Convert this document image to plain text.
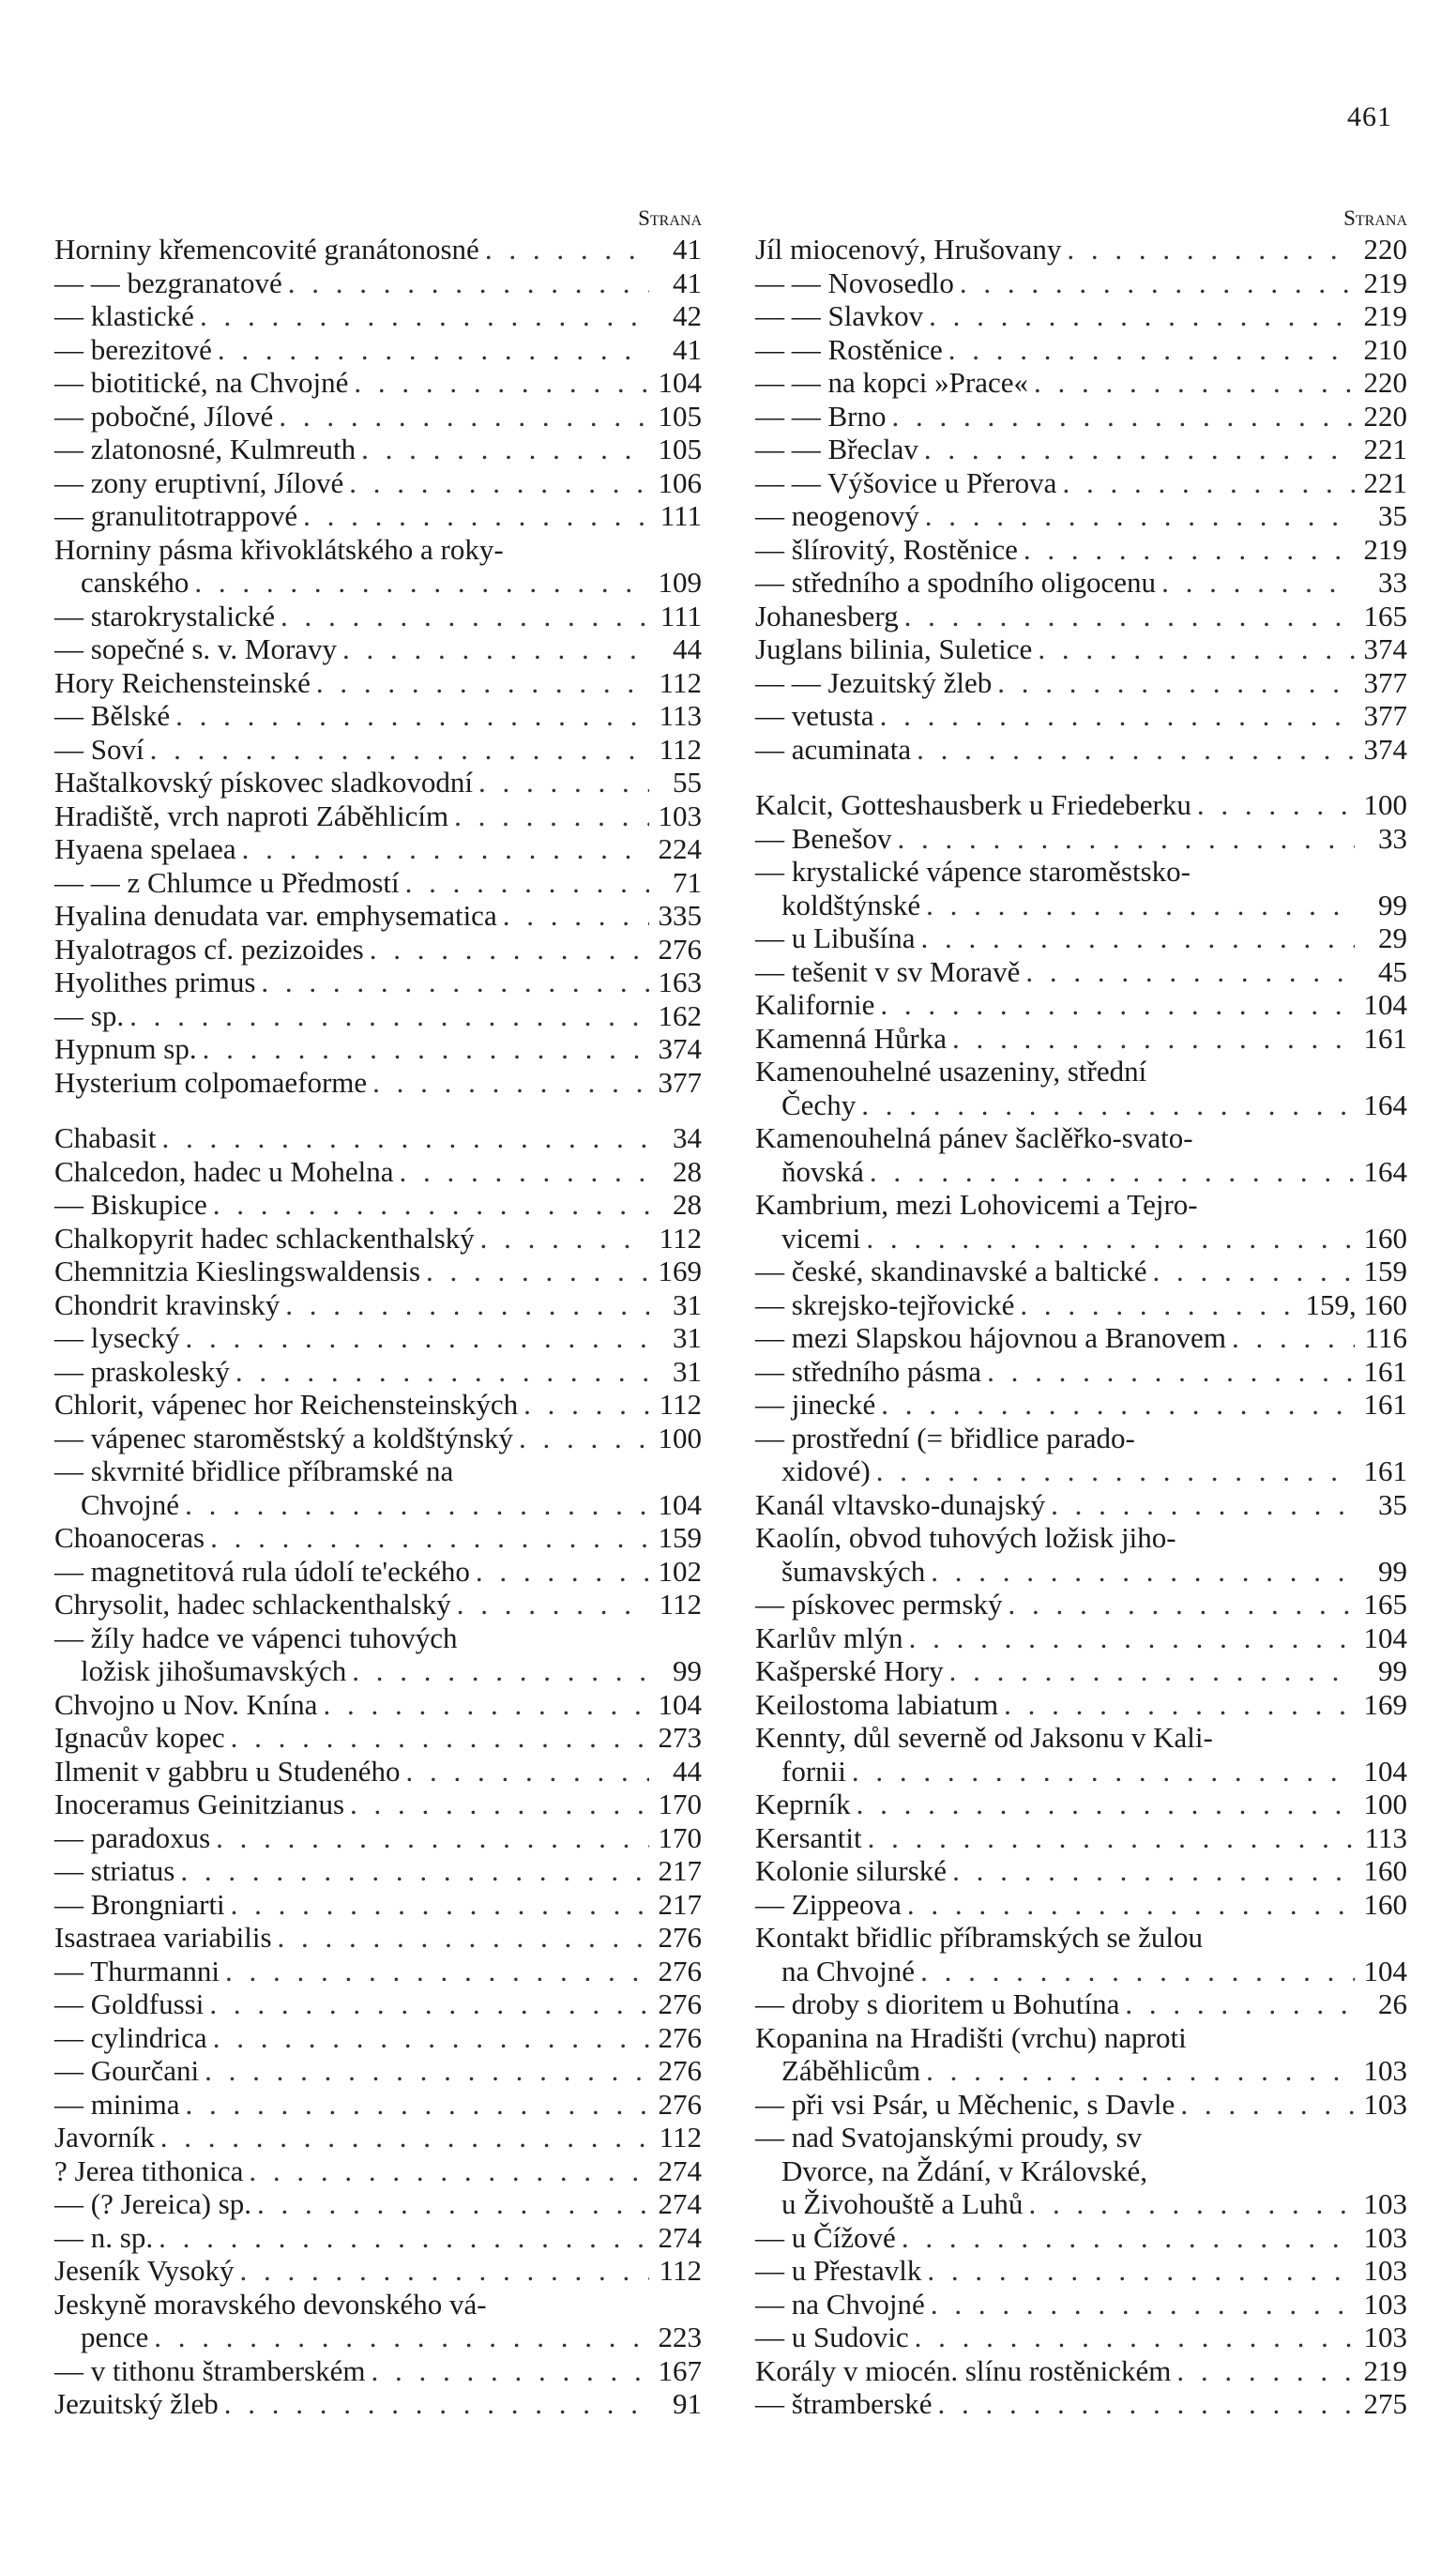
461
Strana
Horniny křemencovité granátonosné . . .	41
— — bezgranatové . . .	41
— klastické . . .	42
— berezitové . . .	41
— biotitické, na Chvojné . . .	104
— pobočné, Jílové . . .	105
— zlatonosné, Kulmreuth . . .	105
— zony eruptivní, Jílové . . .	106
— granulitotrappové . . .	111
Horniny pásma křivoklátského a roky-
canského . . .	109
— starokrystalické . . .	111
— sopečné s. v. Moravy . . .	44
Hory Reichensteinské . . .	112
— Bělské . . .	113
— Soví . . .	112
Haštalkovský pískovec sladkovodní . . .	55
Hradiště, vrch naproti Záběhlicím . . .	103
Hyaena spelaea . . .	224
— — z Chlumce u Předmostí . . .	71
Hyalina denudata var. emphysematica . . .	335
Hyalotragos cf. pezizoides . . .	276
Hyolithes primus . . .	163
— sp. . . .	162
Hypnum sp. . . .	374
Hysterium colpomaeforme . . .	377
Chabasit . . .	34
Chalcedon, hadec u Mohelna . . .	28
— Biskupice . . .	28
Chalkopyrit hadec schlackenthalský . . .	112
Chemnitzia Kieslingswaldensis . . .	169
Chondrit kravinský . . .	31
— lysecký . . .	31
— praskoleský . . .	31
Chlorit, vápenec hor Reichensteinských . . .	112
— vápenec staroměstský a koldštýnský . . .	100
— skvrnité břidlice příbramské na
Chvojné . . .	104
Choanoceras . . .	159
— magnetitová rula údolí te'eckého . . .	102
Chrysolit, hadec schlackenthalský . . .	112
— žíly hadce ve vápenci tuhových
ložisk jihošumavských . . .	99
Chvojno u Nov. Knína . . .	104
Ignacův kopec . . .	273
Ilmenit v gabbru u Studeného . . .	44
Inoceramus Geinitzianus . . .	170
— paradoxus . . .	170
— striatus . . .	217
— Brongniarti . . .	217
Isastraea variabilis . . .	276
— Thurmanni . . .	276
— Goldfussi . . .	276
— cylindrica . . .	276
— Gourčani . . .	276
— minima . . .	276
Javorník . . .	112
? Jerea tithonica . . .	274
— (? Jereica) sp. . . .	274
— n. sp. . . .	274
Jeseník Vysoký . . .	112
Jeskyně moravského devonského vá-
pence . . .	223
— v tithonu štramberském . . .	167
Jezuitský žleb . . .	91
Strana
Jíl miocenový, Hrušovany . . .	220
— — Novosedlo . . .	219
— — Slavkov . . .	219
— — Rostěnice . . .	210
— — na kopci »Prace« . . .	220
— — Brno . . .	220
— — Břeclav . . .	221
— — Výšovice u Přerova . . .	221
— neogenový . . .	35
— šlírovitý, Rostěnice . . .	219
— středního a spodního oligocenu . . .	33
Johanesberg . . .	165
Juglans bilinia, Suletice . . .	374
— — Jezuitský žleb . . .	377
— vetusta . . .	377
— acuminata . . .	374
Kalcit, Gotteshausberk u Friedeberku . . .	100
— Benešov . . .	33
— krystalické vápence staroměstsko-
koldštýnské . . .	99
— u Libušína . . .	29
— tešenit v sv Moravě . . .	45
Kalifornie . . .	104
Kamenná Hůrka . . .	161
Kamenouhelné usazeniny, střední
Čechy . . .	164
Kamenouhelná pánev šaclěřko-svato-
ňovská . . .	164
Kambrium, mezi Lohovicemi a Tejro-
vicemi . . .	160
— české, skandinavské a baltické . . .	159
— skrejsko-tejřovické . . .	159, 160
— mezi Slapskou hájovnou a Branovem . . .	116
— středního pásma . . .	161
— jinecké . . .	161
— prostřední (= břidlice parado-
xidové) . . .	161
Kanál vltavsko-dunajský . . .	35
Kaolín, obvod tuhových ložisk jiho-
šumavských . . .	99
— pískovec permský . . .	165
Karlův mlýn . . .	104
Kašperské Hory . . .	99
Keilostoma labiatum . . .	169
Kennty, důl severně od Jaksonu v Kali-
fornii . . .	104
Keprník . . .	100
Kersantit . . .	113
Kolonie silurské . . .	160
— Zippeova . . .	160
Kontakt břidlic příbramských se žulou
na Chvojné . . .	104
— droby s dioritem u Bohutína . . .	26
Kopanina na Hradišti (vrchu) naproti
Záběhlicům . . .	103
— při vsi Psár, u Měchenic, s Davle . . .	103
— nad Svatojanskými proudy, sv
Dvorce, na Ždání, v Královské,
u Živohouště a Luhů . . .	103
— u Čížové . . .	103
— u Přestavlk . . .	103
— na Chvojné . . .	103
— u Sudovic . . .	103
Korály v miocén. slínu rostěnickém . . .	219
— štramberské . . .	275
